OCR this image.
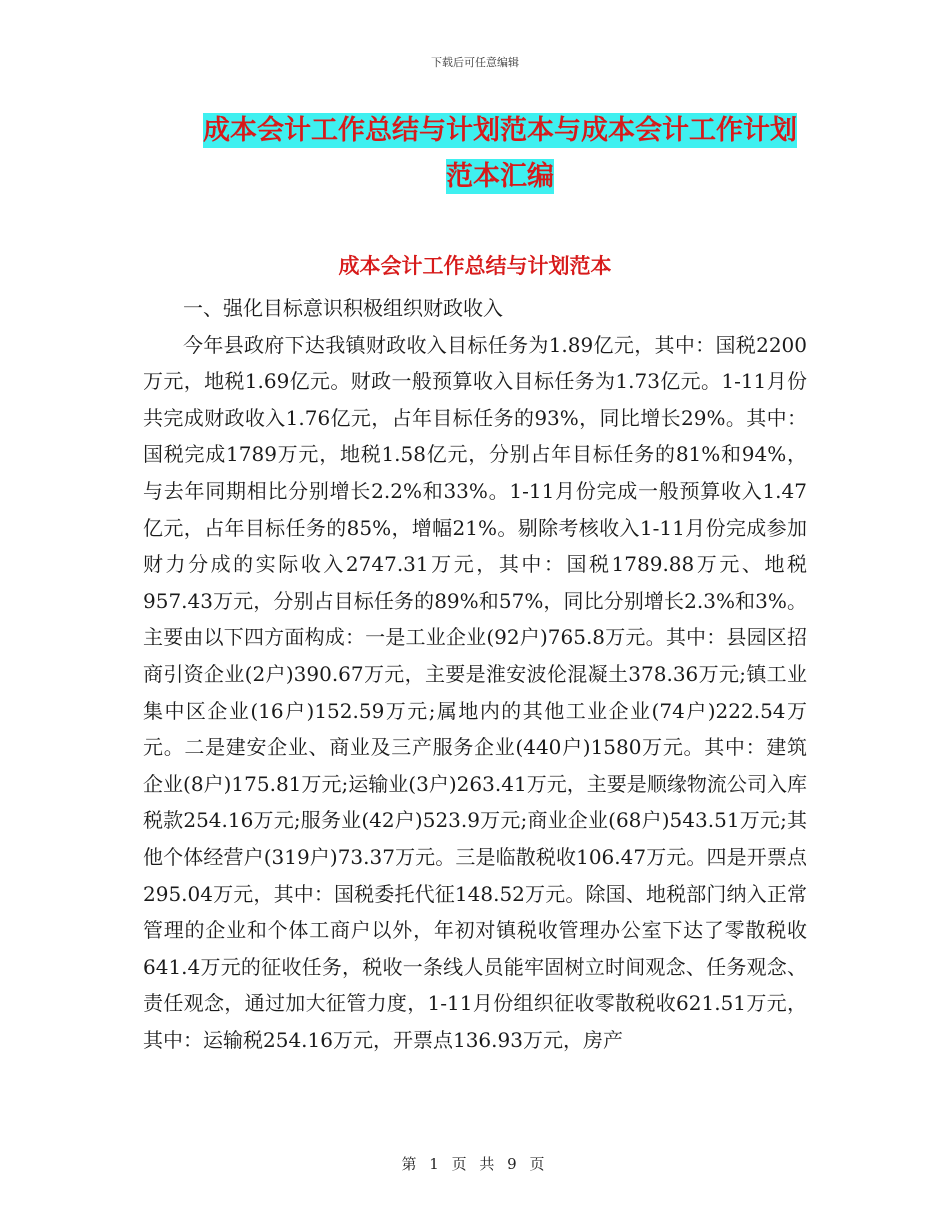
下载后可任意编辑
成本会计工作总结与计划范本与成本会计工作计划范本汇编
成本会计工作总结与计划范本

一、强化目标意识积极组织财政收入

今年县政府下达我镇财政收入目标任务为1.89亿元，其中：国税2200万元，地税1.69亿元。财政一般预算收入目标任务为1.73亿元。1-11月份共完成财政收入1.76亿元，占年目标任务的93%，同比增长29%。其中：国税完成1789万元，地税1.58亿元，分别占年目标任务的81%和94%，与去年同期相比分别增长2.2%和33%。1-11月份完成一般预算收入1.47亿元，占年目标任务的85%，增幅21%。剔除考核收入1-11月份完成参加财力分成的实际收入2747.31万元，其中：国税1789.88万元、地税957.43万元，分别占目标任务的89%和57%，同比分别增长2.3%和3%。主要由以下四方面构成：一是工业企业(92户)765.8万元。其中：县园区招商引资企业(2户)390.67万元，主要是淮安波伦混凝土378.36万元;镇工业集中区企业(16户)152.59万元;属地内的其他工业企业(74户)222.54万元。二是建安企业、商业及三产服务企业(440户)1580万元。其中：建筑企业(8户)175.81万元;运输业(3户)263.41万元，主要是顺缘物流公司入库税款254.16万元;服务业(42户)523.9万元;商业企业(68户)543.51万元;其他个体经营户(319户)73.37万元。三是临散税收106.47万元。四是开票点295.04万元，其中：国税委托代征148.52万元。除国、地税部门纳入正常管理的企业和个体工商户以外，年初对镇税收管理办公室下达了零散税收641.4万元的征收任务，税收一条线人员能牢固树立时间观念、任务观念、责任观念，通过加大征管力度，1-11月份组织征收零散税收621.51万元，其中：运输税254.16万元，开票点136.93万元，房产

第 1 页 共 9 页
